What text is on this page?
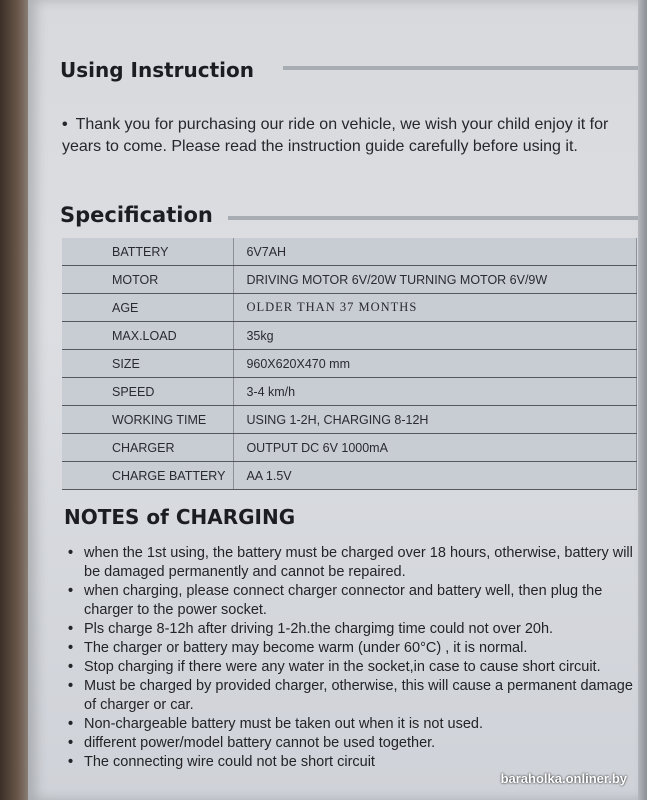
Using Instruction
• Thank you for purchasing our ride on vehicle, we wish your child enjoy it for years to come. Please read the instruction guide carefully before using it.
Specification
BATTERY	6V7AH
MOTOR	DRIVING MOTOR 6V/20W TURNING MOTOR 6V/9W
AGE	OLDER THAN 37 MONTHS
MAX.LOAD	35kg
SIZE	960X620X470 mm
SPEED	3-4 km/h
WORKING TIME	USING 1-2H, CHARGING 8-12H
CHARGER	OUTPUT DC 6V 1000mA
CHARGE BATTERY	AA 1.5V
NOTES of CHARGING
• when the 1st using, the battery must be charged over 18 hours, otherwise, battery will be damaged permanently and cannot be repaired.
• when charging, please connect charger connector and battery well, then plug the charger to the power socket.
• Pls charge 8-12h after driving 1-2h.the chargimg time could not over 20h.
• The charger or battery may become warm (under 60°C) , it is normal.
• Stop charging if there were any water in the socket,in case to cause short circuit.
• Must be charged by provided charger, otherwise, this will cause a permanent damage of charger or car.
• Non-chargeable battery must be taken out when it is not used.
• different power/model battery cannot be used together.
• The connecting wire could not be short circuit
baraholka.onliner.by
